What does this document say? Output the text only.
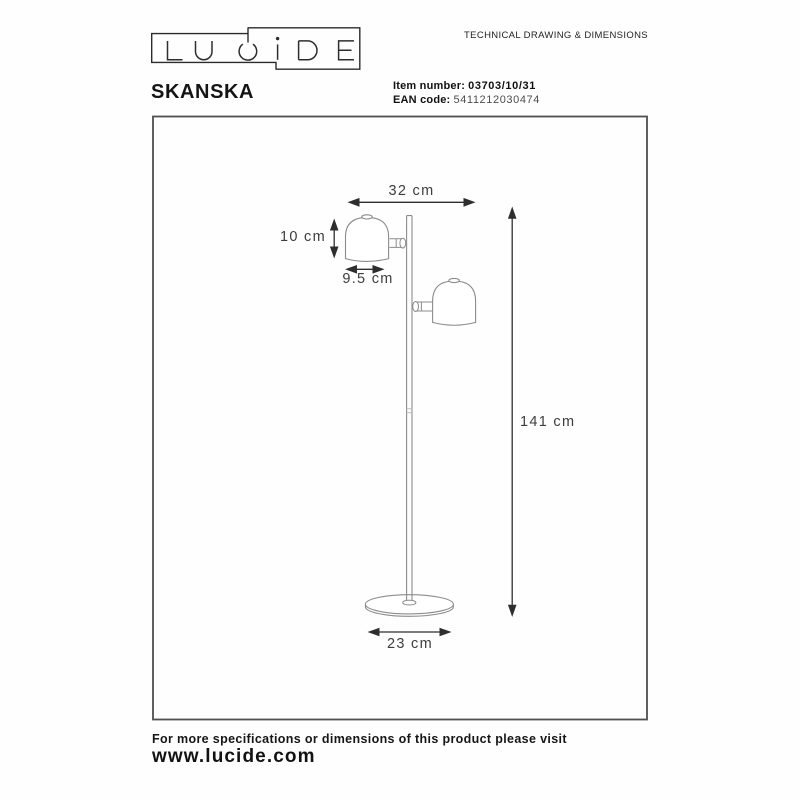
SKANSKA
TECHNICAL DRAWING & DIMENSIONS
Item number: 03703/10/31
EAN code: 5411212030474
32 cm
10 cm
9.5 cm
141 cm
23 cm
For more specifications or dimensions of this product please visit
www.lucide.com
